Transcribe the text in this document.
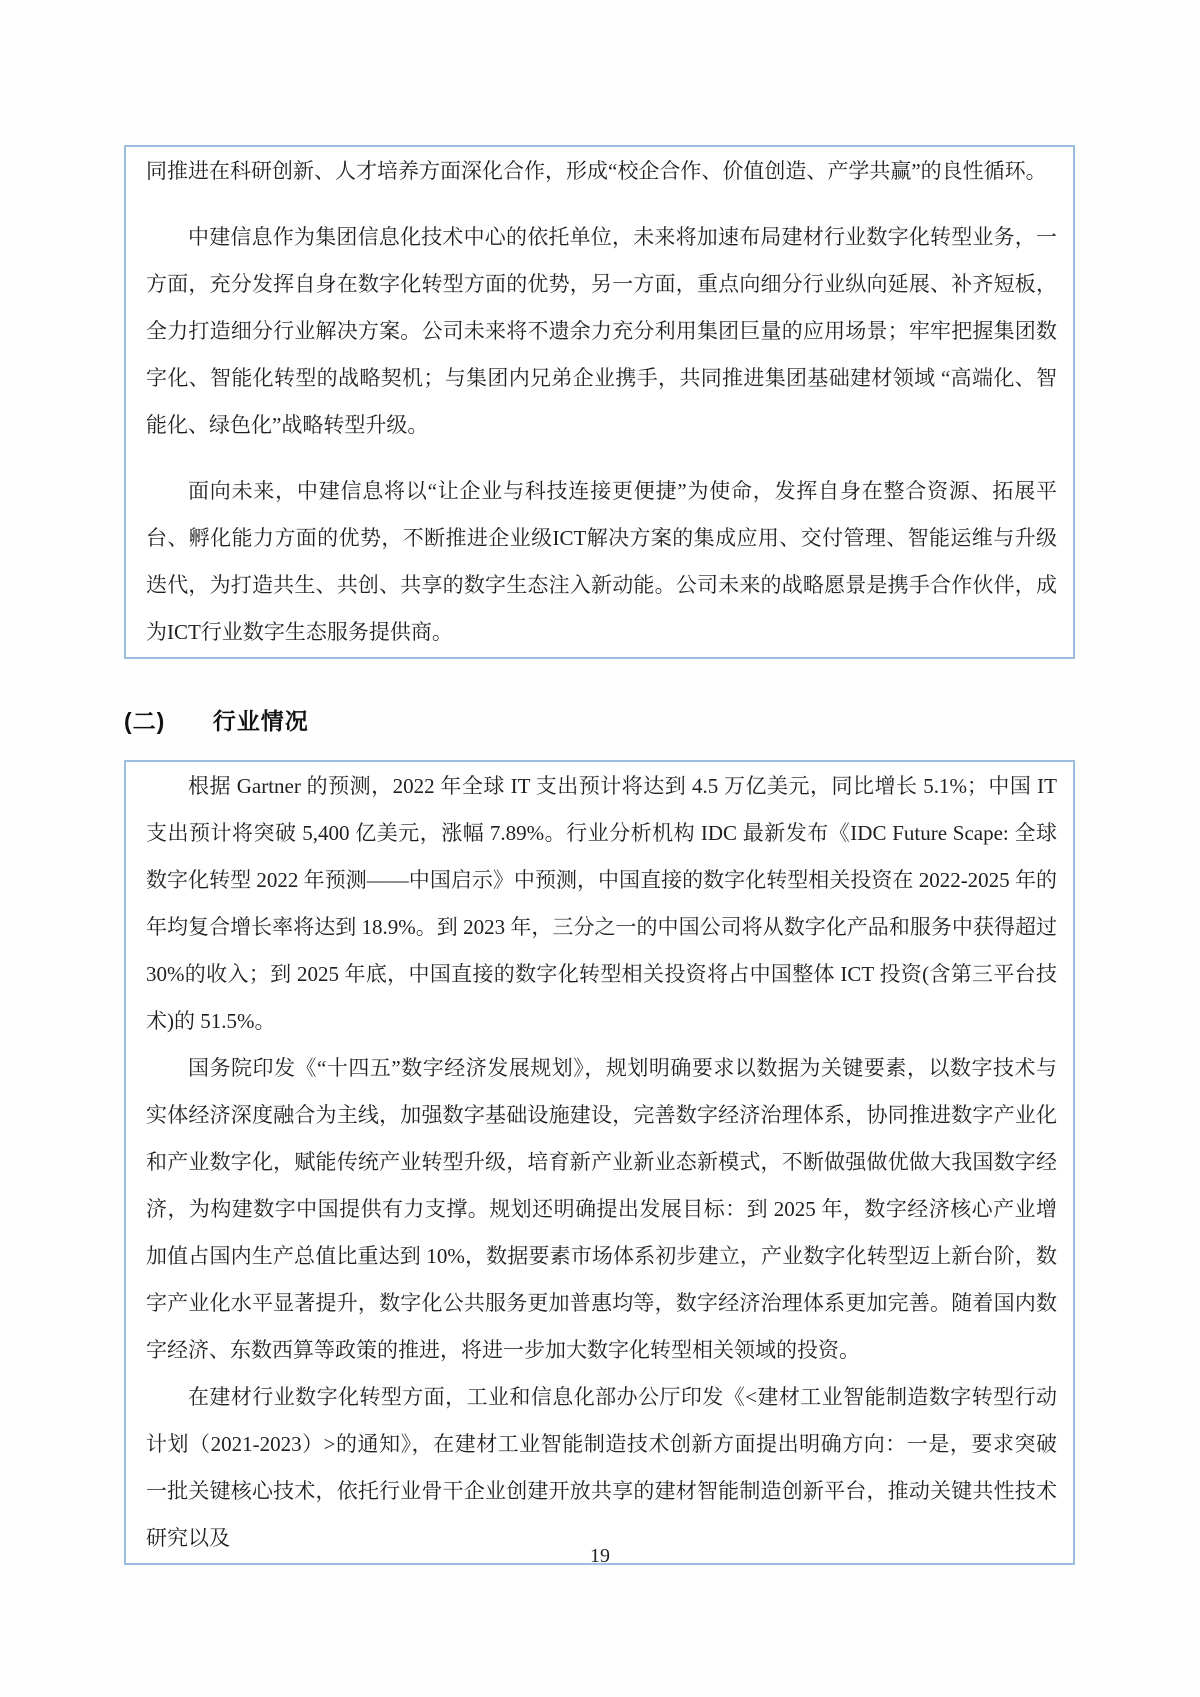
同推进在科研创新、人才培养方面深化合作，形成“校企合作、价值创造、产学共赢”的良性循环。

中建信息作为集团信息化技术中心的依托单位，未来将加速布局建材行业数字化转型业务，一方面，充分发挥自身在数字化转型方面的优势，另一方面，重点向细分行业纵向延展、补齐短板，全力打造细分行业解决方案。公司未来将不遗余力充分利用集团巨量的应用场景；牢牢把握集团数字化、智能化转型的战略契机；与集团内兄弟企业携手，共同推进集团基础建材领域 “高端化、智能化、绿色化”战略转型升级。

面向未来，中建信息将以“让企业与科技连接更便捷”为使命，发挥自身在整合资源、拓展平台、孵化能力方面的优势，不断推进企业级ICT解决方案的集成应用、交付管理、智能运维与升级迭代，为打造共生、共创、共享的数字生态注入新动能。公司未来的战略愿景是携手合作伙伴，成为ICT行业数字生态服务提供商。

(二) 行业情况

根据 Gartner 的预测，2022 年全球 IT 支出预计将达到 4.5 万亿美元，同比增长 5.1%；中国 IT 支出预计将突破 5,400 亿美元，涨幅 7.89%。行业分析机构 IDC 最新发布《IDC Future Scape: 全球数字化转型 2022 年预测——中国启示》中预测，中国直接的数字化转型相关投资在 2022-2025 年的年均复合增长率将达到 18.9%。到 2023 年，三分之一的中国公司将从数字化产品和服务中获得超过 30%的收入；到 2025 年底，中国直接的数字化转型相关投资将占中国整体 ICT 投资(含第三平台技术)的 51.5%。

国务院印发《“十四五”数字经济发展规划》，规划明确要求以数据为关键要素，以数字技术与实体经济深度融合为主线，加强数字基础设施建设，完善数字经济治理体系，协同推进数字产业化和产业数字化，赋能传统产业转型升级，培育新产业新业态新模式，不断做强做优做大我国数字经济，为构建数字中国提供有力支撑。规划还明确提出发展目标：到 2025 年，数字经济核心产业增加值占国内生产总值比重达到 10%，数据要素市场体系初步建立，产业数字化转型迈上新台阶，数字产业化水平显著提升，数字化公共服务更加普惠均等，数字经济治理体系更加完善。随着国内数字经济、东数西算等政策的推进，将进一步加大数字化转型相关领域的投资。

在建材行业数字化转型方面，工业和信息化部办公厅印发《<建材工业智能制造数字转型行动计划（2021-2023）>的通知》，在建材工业智能制造技术创新方面提出明确方向：一是，要求突破一批关键核心技术，依托行业骨干企业创建开放共享的建材智能制造创新平台，推动关键共性技术研究以及

19
